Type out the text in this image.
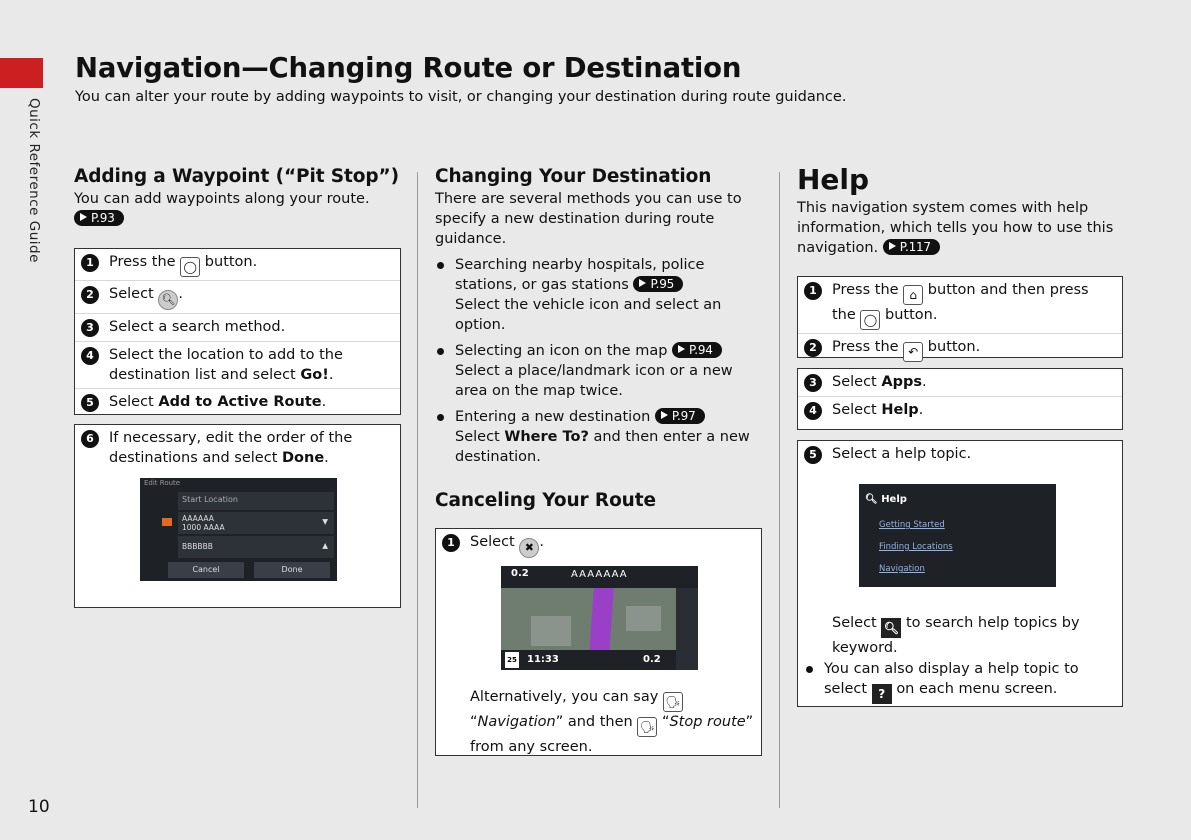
Quick Reference Guide
Navigation—Changing Route or Destination
You can alter your route by adding waypoints to visit, or changing your destination during route guidance.
10
Adding a Waypoint (“Pit Stop”)
You can add waypoints along your route.
P.93
1	Press the ◯ button.
2	Select 🔍︎ .
3	Select a search method.
4	Select the location to add to the destination list and select Go!.
5	Select Add to Active Route.
6	If necessary, edit the order of the destinations and select Done.
Edit Route
Start Location
AAAAAA
1000 AAAA
▼
BBBBBB	▲
Cancel	Done
Changing Your Destination
There are several methods you can use to specify a new destination during route guidance.
Searching nearby hospitals, police stations, or gas stations P.95
Select the vehicle icon and select an option.
Selecting an icon on the map P.94
Select a place/landmark icon or a new area on the map twice.
Entering a new destination P.97
Select Where To? and then enter a new destination.
Canceling Your Route
1	Select ✖ .
0.2	AAAAAAA
25 11:33	0.2
Alternatively, you can say 🗣︎
“Navigation” and then 🗣︎ “Stop route” from any screen.
Help
This navigation system comes with help information, which tells you how to use this navigation. P.117
1	Press the ⌂ button and then press the ◯ button.
2	Press the ↶ button.
3	Select Apps.
4	Select Help.
5	Select a help topic.
🔍︎ Help
Getting Started
Finding Locations
Navigation
Select 🔍︎ to search help topics by keyword.
You can also display a help topic to select ? on each menu screen.
